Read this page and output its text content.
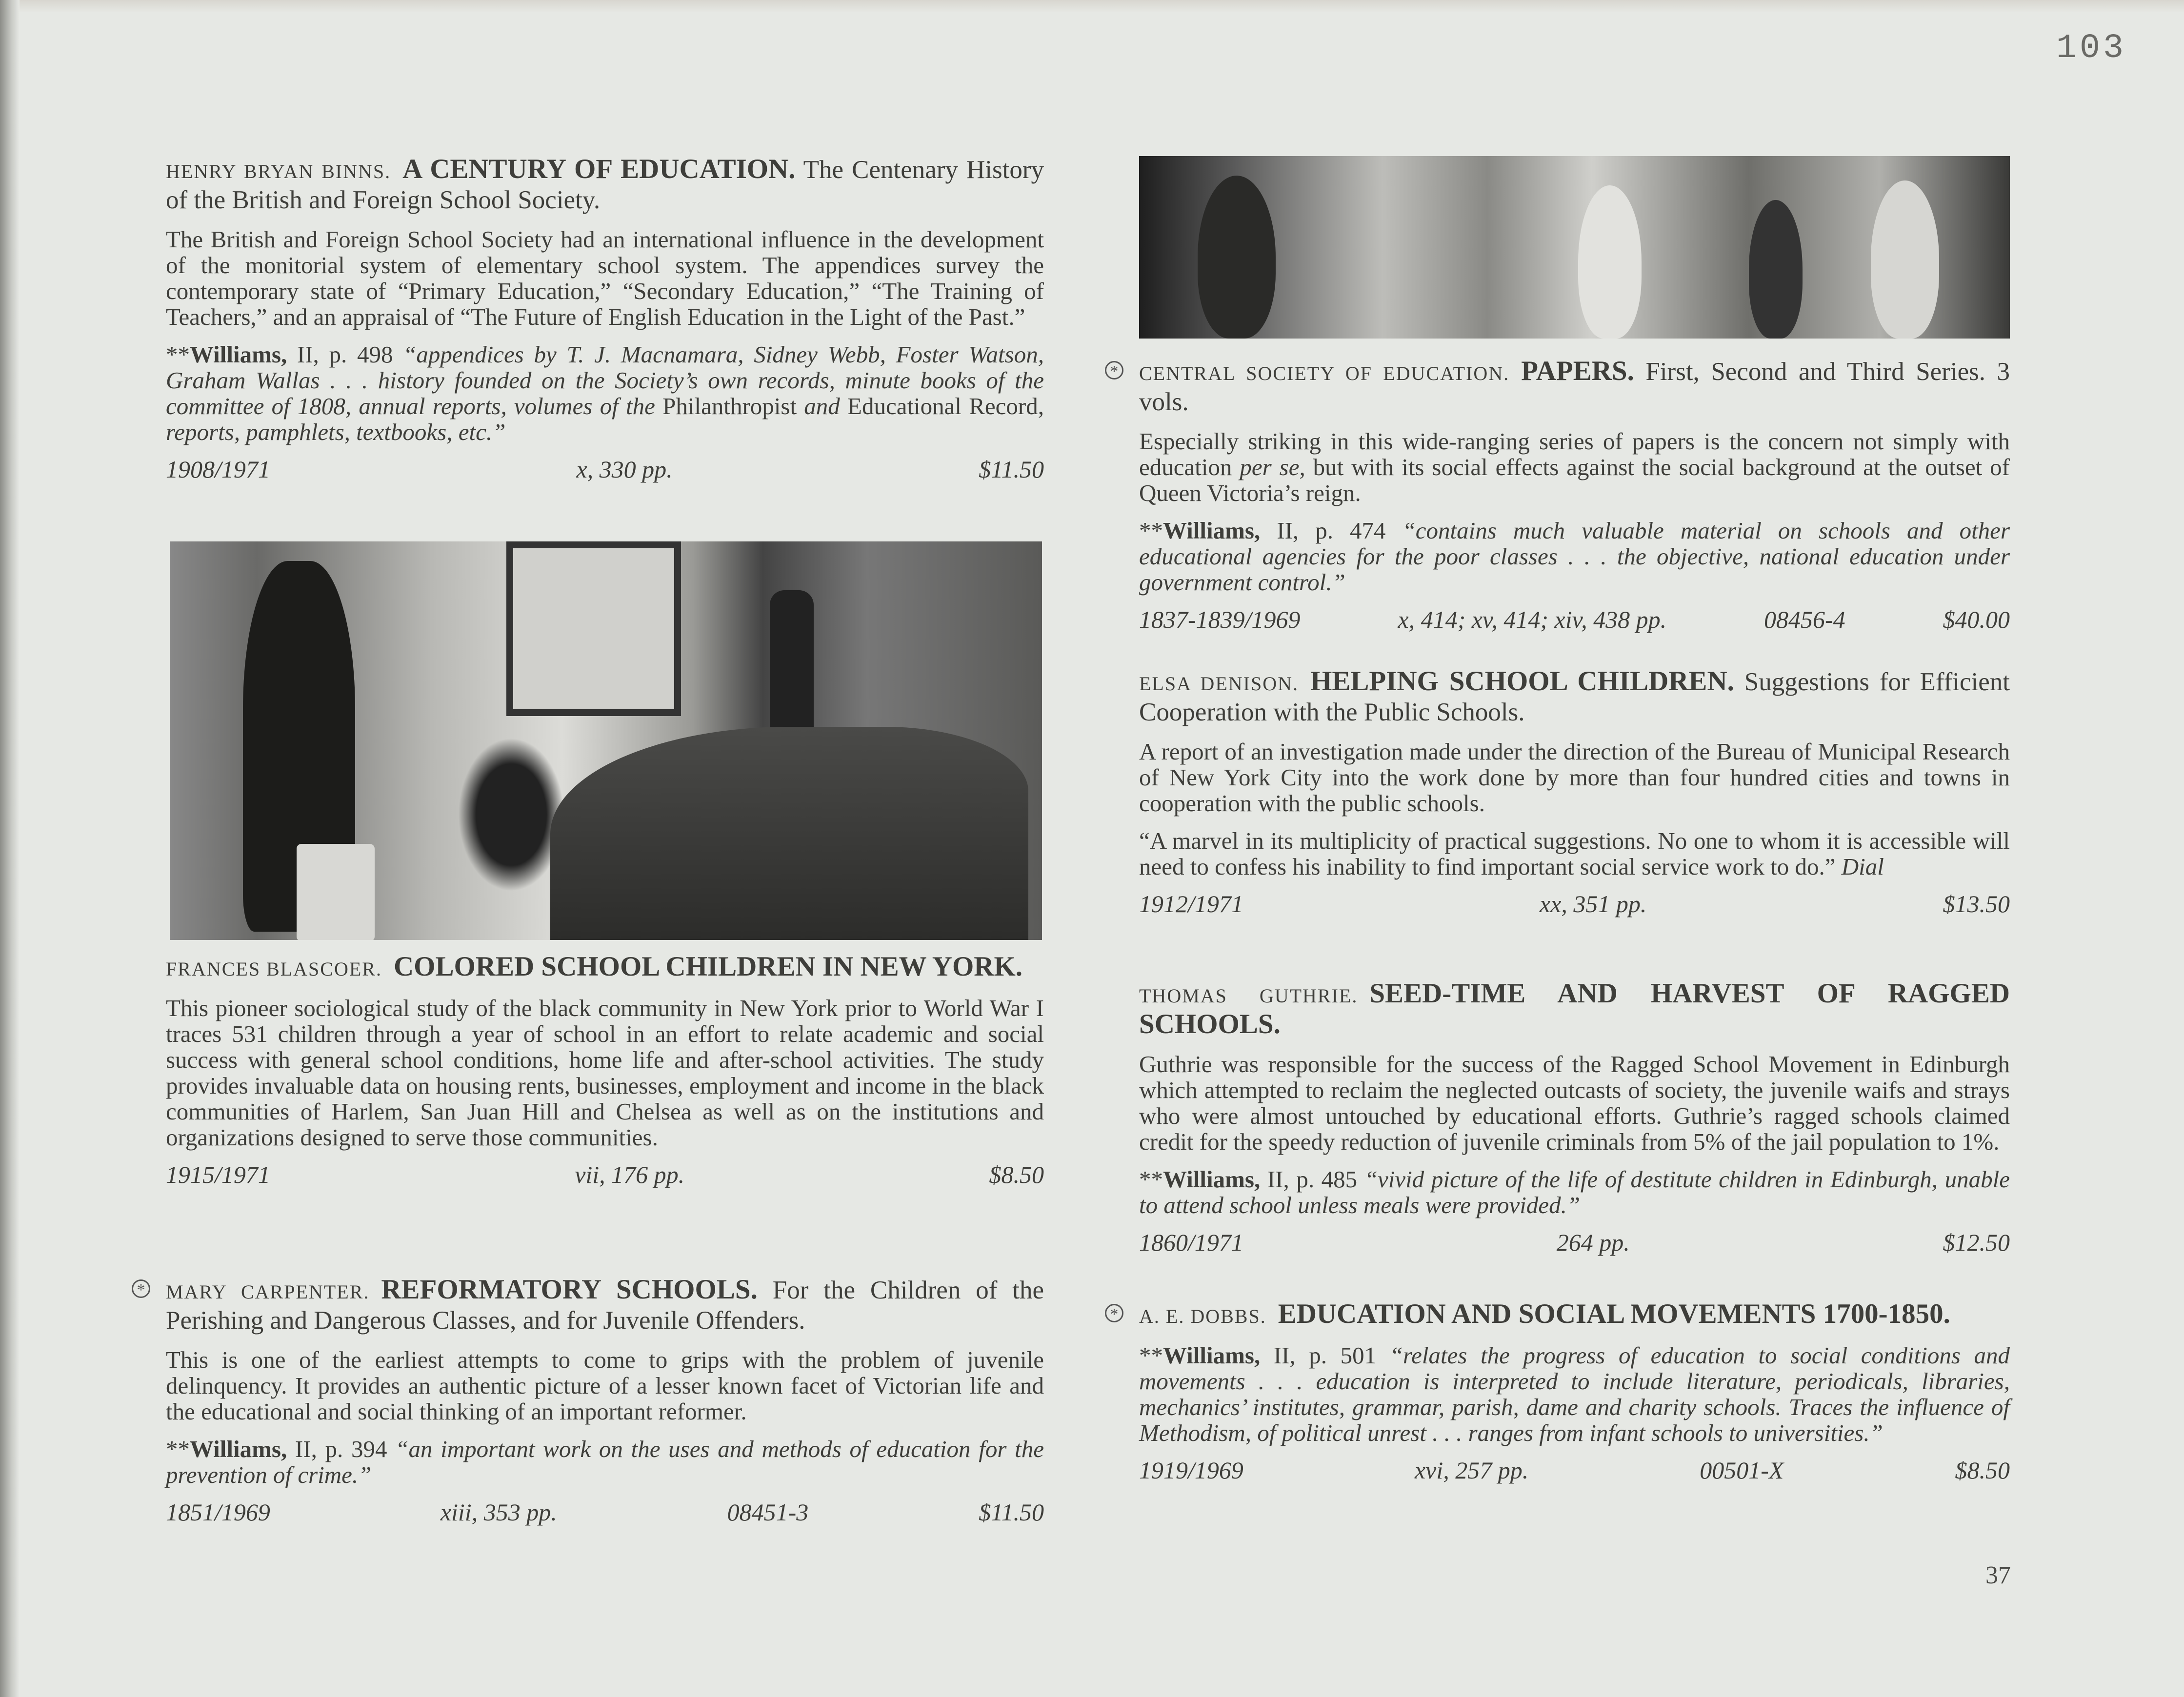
103
37
HENRY BRYAN BINNS. A CENTURY OF EDUCATION. The Centenary History of the British and Foreign School Society.

The British and Foreign School Society had an international influence in the development of the monitorial system of elementary school system. The appendices survey the contemporary state of “Primary Education,” “Secondary Education,” “The Training of Teachers,” and an appraisal of “The Future of English Education in the Light of the Past.”

**Williams, II, p. 498 “appendices by T. J. Macnamara, Sidney Webb, Foster Watson, Graham Wallas . . . history founded on the Society’s own records, minute books of the committee of 1808, annual reports, volumes of the Philanthropist and Educational Record, reports, pamphlets, textbooks, etc.”

1908/1971	x, 330 pp.	$11.50
FRANCES BLASCOER. COLORED SCHOOL CHILDREN IN NEW YORK.

This pioneer sociological study of the black community in New York prior to World War I traces 531 children through a year of school in an effort to relate academic and social success with general school conditions, home life and after-school activities. The study provides invaluable data on housing rents, businesses, employment and income in the black communities of Harlem, San Juan Hill and Chelsea as well as on the institutions and organizations designed to serve those communities.

1915/1971	vii, 176 pp.	$8.50
* MARY CARPENTER. REFORMATORY SCHOOLS. For the Children of the Perishing and Dangerous Classes, and for Juvenile Offenders.

This is one of the earliest attempts to come to grips with the problem of juvenile delinquency. It provides an authentic picture of a lesser known facet of Victorian life and the educational and social thinking of an important reformer.

**Williams, II, p. 394 “an important work on the uses and methods of education for the prevention of crime.”

1851/1969	xiii, 353 pp.	08451-3	$11.50
* CENTRAL SOCIETY OF EDUCATION. PAPERS. First, Second and Third Series. 3 vols.

Especially striking in this wide-ranging series of papers is the concern not simply with education per se, but with its social effects against the social background at the outset of Queen Victoria’s reign.

**Williams, II, p. 474 “contains much valuable material on schools and other educational agencies for the poor classes . . . the objective, national education under government control.”

1837-1839/1969	x, 414; xv, 414; xiv, 438 pp.	08456-4	$40.00
ELSA DENISON. HELPING SCHOOL CHILDREN. Suggestions for Efficient Cooperation with the Public Schools.

A report of an investigation made under the direction of the Bureau of Municipal Research of New York City into the work done by more than four hundred cities and towns in cooperation with the public schools.

“A marvel in its multiplicity of practical suggestions. No one to whom it is accessible will need to confess his inability to find important social service work to do.” Dial

1912/1971	xx, 351 pp.	$13.50
THOMAS GUTHRIE. SEED-TIME AND HARVEST OF RAGGED SCHOOLS.

Guthrie was responsible for the success of the Ragged School Movement in Edinburgh which attempted to reclaim the neglected outcasts of society, the juvenile waifs and strays who were almost untouched by educational efforts. Guthrie’s ragged schools claimed credit for the speedy reduction of juvenile criminals from 5% of the jail population to 1%.

**Williams, II, p. 485 “vivid picture of the life of destitute children in Edinburgh, unable to attend school unless meals were provided.”

1860/1971	264 pp.	$12.50
* A. E. DOBBS. EDUCATION AND SOCIAL MOVEMENTS 1700-1850.

**Williams, II, p. 501 “relates the progress of education to social conditions and movements . . . education is interpreted to include literature, periodicals, libraries, mechanics’ institutes, grammar, parish, dame and charity schools. Traces the influence of Methodism, of political unrest . . . ranges from infant schools to universities.”

1919/1969	xvi, 257 pp.	00501-X	$8.50
